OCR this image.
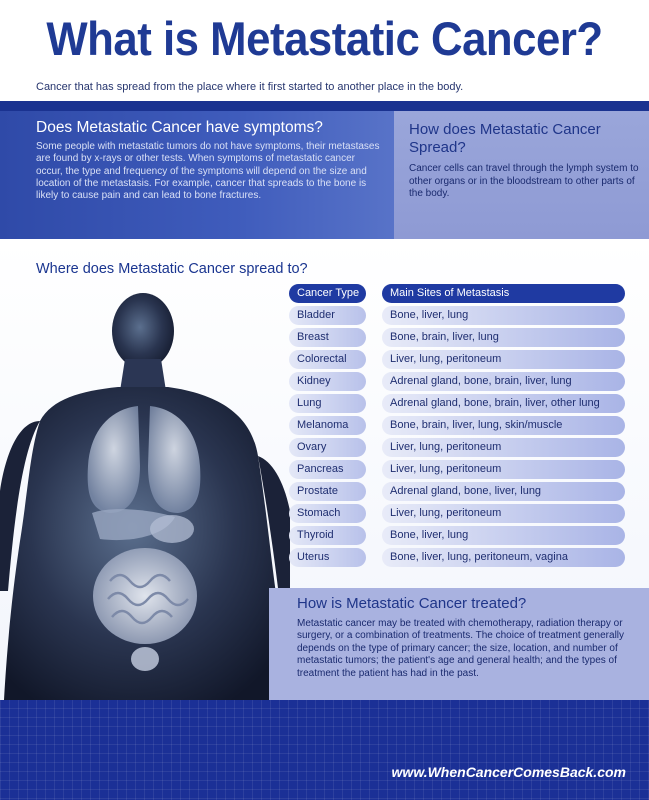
What is Metastatic Cancer?

Cancer that has spread from the place where it first started to another place in the body.

Does Metastatic Cancer have symptoms?

Some people with metastatic tumors do not have symptoms, their metastases are found by x-rays or other tests. When symptoms of metastatic cancer occur, the type and frequency of the symptoms will depend on the size and location of the metastasis. For example, cancer that spreads to the bone is likely to cause pain and can lead to bone fractures.

How does Metastatic Cancer Spread?

Cancer cells can travel through the lymph system to other organs or in the bloodstream to other parts of the body.

Where does Metastatic Cancer spread to?
Cancer Type	Main Sites of Metastasis
Bladder	Bone, liver, lung
Breast	Bone, brain, liver, lung
Colorectal	Liver, lung, peritoneum
Kidney	Adrenal gland, bone, brain, liver, lung
Lung	Adrenal gland, bone, brain, liver, other lung
Melanoma	Bone, brain, liver, lung, skin/muscle
Ovary	Liver, lung, peritoneum
Pancreas	Liver, lung, peritoneum
Prostate	Adrenal gland, bone, liver, lung
Stomach	Liver, lung, peritoneum
Thyroid	Bone, liver, lung
Uterus	Bone, liver, lung, peritoneum, vagina
How is Metastatic Cancer treated?

Metastatic cancer may be treated with chemotherapy, radiation therapy or surgery, or a combination of treatments. The choice of treatment generally depends on the type of primary cancer; the size, location, and number of metastatic tumors; the patient's age and general health; and the types of treatment the patient has had in the past.

www.WhenCancerComesBack.com
